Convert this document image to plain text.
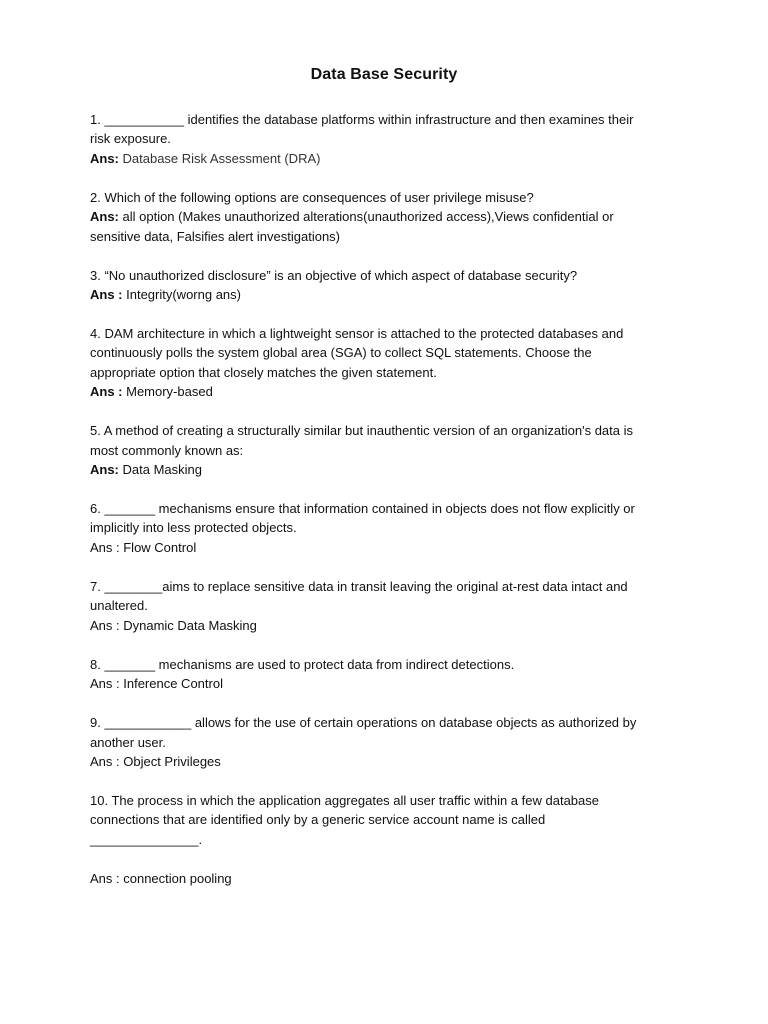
Data Base Security
1. ___________ identifies the database platforms within infrastructure and then examines their
risk exposure.
Ans: Database Risk Assessment (DRA)
2. Which of the following options are consequences of user privilege misuse?
Ans: all option (Makes unauthorized alterations(unauthorized access),Views confidential or
sensitive data, Falsifies alert investigations)
3. “No unauthorized disclosure” is an objective of which aspect of database security?
Ans : Integrity(worng ans)
4. DAM architecture in which a lightweight sensor is attached to the protected databases and
continuously polls the system global area (SGA) to collect SQL statements. Choose the
appropriate option that closely matches the given statement.
Ans : Memory-based
5. A method of creating a structurally similar but inauthentic version of an organization's data is
most commonly known as:
Ans: Data Masking
6. _______ mechanisms ensure that information contained in objects does not flow explicitly or
implicitly into less protected objects.
Ans : Flow Control
7. ________aims to replace sensitive data in transit leaving the original at-rest data intact and
unaltered.
Ans : Dynamic Data Masking
8. _______ mechanisms are used to protect data from indirect detections.
Ans : Inference Control
9. ____________ allows for the use of certain operations on database objects as authorized by
another user.
Ans : Object Privileges
10. The process in which the application aggregates all user traffic within a few database
connections that are identified only by a generic service account name is called
_______________.
Ans : connection pooling
